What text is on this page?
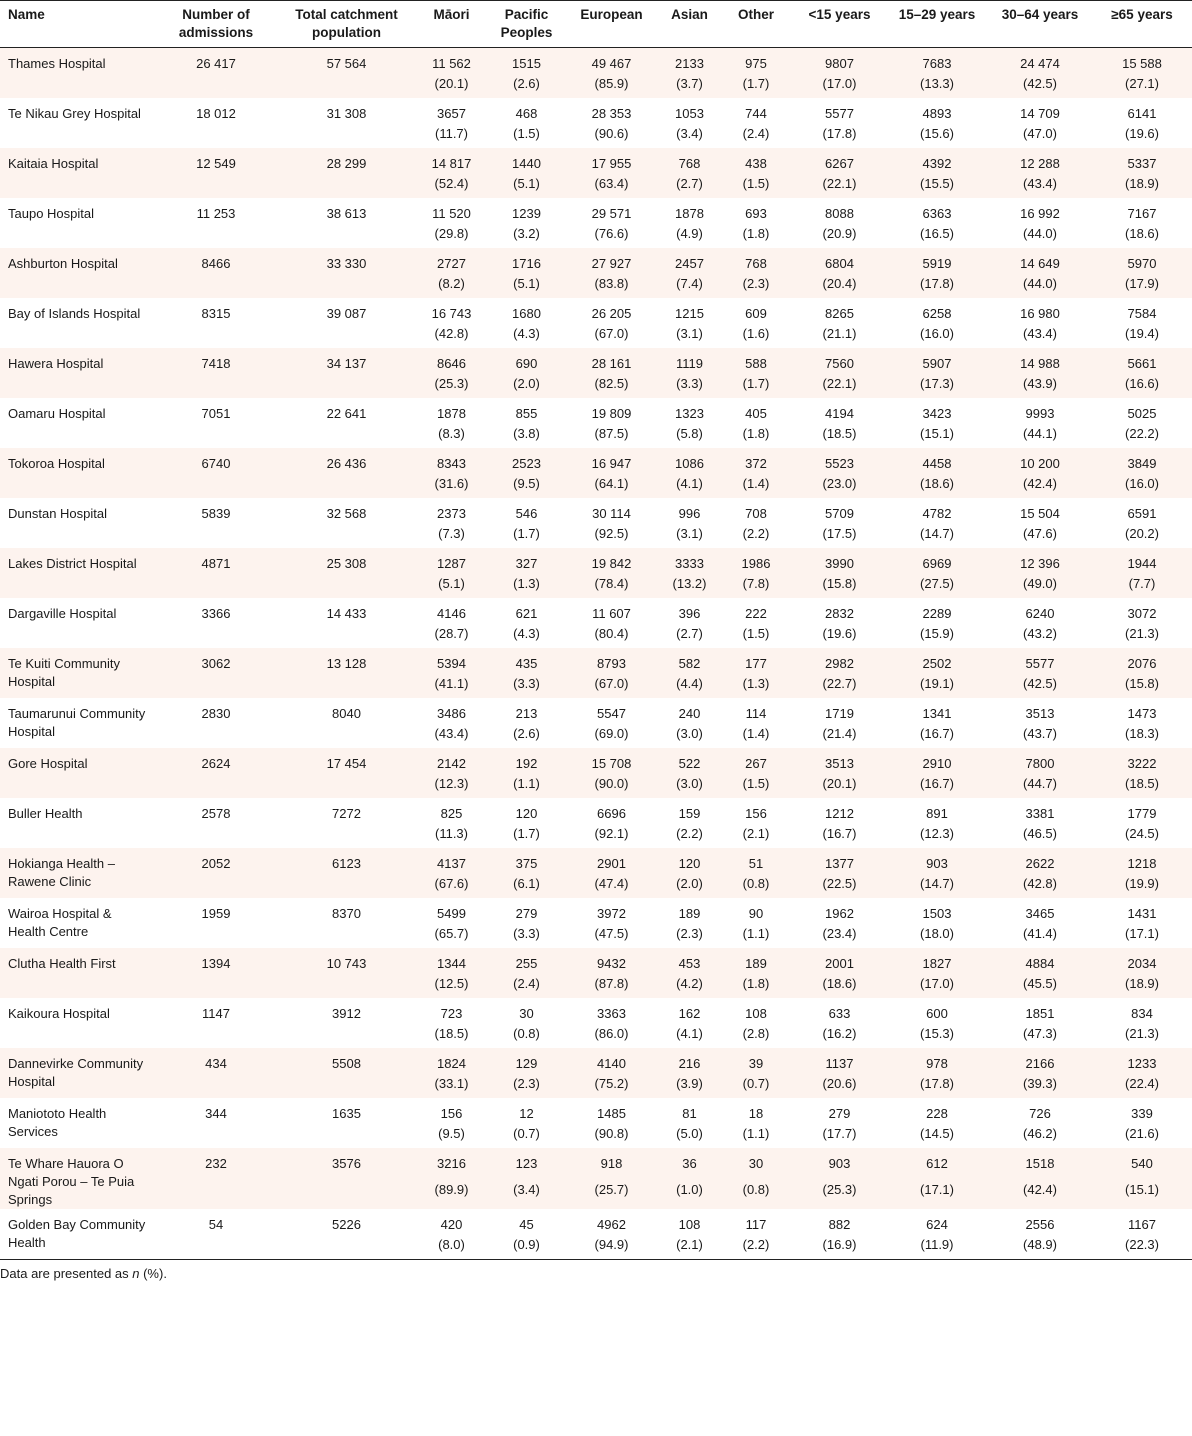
Name	Number of admissions	Total catchment population	Māori	Pacific Peoples	European	Asian	Other	<15 years	15–29 years	30–64 years	≥65 years
Thames Hospital	26 417	57 564	11 562	1515	49 467	2133	975	9807	7683	24 474	15 588
			(20.1)	(2.6)	(85.9)	(3.7)	(1.7)	(17.0)	(13.3)	(42.5)	(27.1)
Te Nikau Grey Hospital	18 012	31 308	3657	468	28 353	1053	744	5577	4893	14 709	6141
			(11.7)	(1.5)	(90.6)	(3.4)	(2.4)	(17.8)	(15.6)	(47.0)	(19.6)
Kaitaia Hospital	12 549	28 299	14 817	1440	17 955	768	438	6267	4392	12 288	5337
			(52.4)	(5.1)	(63.4)	(2.7)	(1.5)	(22.1)	(15.5)	(43.4)	(18.9)
Taupo Hospital	11 253	38 613	11 520	1239	29 571	1878	693	8088	6363	16 992	7167
			(29.8)	(3.2)	(76.6)	(4.9)	(1.8)	(20.9)	(16.5)	(44.0)	(18.6)
Ashburton Hospital	8466	33 330	2727	1716	27 927	2457	768	6804	5919	14 649	5970
			(8.2)	(5.1)	(83.8)	(7.4)	(2.3)	(20.4)	(17.8)	(44.0)	(17.9)
Bay of Islands Hospital	8315	39 087	16 743	1680	26 205	1215	609	8265	6258	16 980	7584
			(42.8)	(4.3)	(67.0)	(3.1)	(1.6)	(21.1)	(16.0)	(43.4)	(19.4)
Hawera Hospital	7418	34 137	8646	690	28 161	1119	588	7560	5907	14 988	5661
			(25.3)	(2.0)	(82.5)	(3.3)	(1.7)	(22.1)	(17.3)	(43.9)	(16.6)
Oamaru Hospital	7051	22 641	1878	855	19 809	1323	405	4194	3423	9993	5025
			(8.3)	(3.8)	(87.5)	(5.8)	(1.8)	(18.5)	(15.1)	(44.1)	(22.2)
Tokoroa Hospital	6740	26 436	8343	2523	16 947	1086	372	5523	4458	10 200	3849
			(31.6)	(9.5)	(64.1)	(4.1)	(1.4)	(23.0)	(18.6)	(42.4)	(16.0)
Dunstan Hospital	5839	32 568	2373	546	30 114	996	708	5709	4782	15 504	6591
			(7.3)	(1.7)	(92.5)	(3.1)	(2.2)	(17.5)	(14.7)	(47.6)	(20.2)
Lakes District Hospital	4871	25 308	1287	327	19 842	3333	1986	3990	6969	12 396	1944
			(5.1)	(1.3)	(78.4)	(13.2)	(7.8)	(15.8)	(27.5)	(49.0)	(7.7)
Dargaville Hospital	3366	14 433	4146	621	11 607	396	222	2832	2289	6240	3072
			(28.7)	(4.3)	(80.4)	(2.7)	(1.5)	(19.6)	(15.9)	(43.2)	(21.3)
Te Kuiti Community Hospital	3062	13 128	5394	435	8793	582	177	2982	2502	5577	2076
			(41.1)	(3.3)	(67.0)	(4.4)	(1.3)	(22.7)	(19.1)	(42.5)	(15.8)
Taumarunui Community Hospital	2830	8040	3486	213	5547	240	114	1719	1341	3513	1473
			(43.4)	(2.6)	(69.0)	(3.0)	(1.4)	(21.4)	(16.7)	(43.7)	(18.3)
Gore Hospital	2624	17 454	2142	192	15 708	522	267	3513	2910	7800	3222
			(12.3)	(1.1)	(90.0)	(3.0)	(1.5)	(20.1)	(16.7)	(44.7)	(18.5)
Buller Health	2578	7272	825	120	6696	159	156	1212	891	3381	1779
			(11.3)	(1.7)	(92.1)	(2.2)	(2.1)	(16.7)	(12.3)	(46.5)	(24.5)
Hokianga Health – Rawene Clinic	2052	6123	4137	375	2901	120	51	1377	903	2622	1218
			(67.6)	(6.1)	(47.4)	(2.0)	(0.8)	(22.5)	(14.7)	(42.8)	(19.9)
Wairoa Hospital & Health Centre	1959	8370	5499	279	3972	189	90	1962	1503	3465	1431
			(65.7)	(3.3)	(47.5)	(2.3)	(1.1)	(23.4)	(18.0)	(41.4)	(17.1)
Clutha Health First	1394	10 743	1344	255	9432	453	189	2001	1827	4884	2034
			(12.5)	(2.4)	(87.8)	(4.2)	(1.8)	(18.6)	(17.0)	(45.5)	(18.9)
Kaikoura Hospital	1147	3912	723	30	3363	162	108	633	600	1851	834
			(18.5)	(0.8)	(86.0)	(4.1)	(2.8)	(16.2)	(15.3)	(47.3)	(21.3)
Dannevirke Community Hospital	434	5508	1824	129	4140	216	39	1137	978	2166	1233
			(33.1)	(2.3)	(75.2)	(3.9)	(0.7)	(20.6)	(17.8)	(39.3)	(22.4)
Maniototo Health Services	344	1635	156	12	1485	81	18	279	228	726	339
			(9.5)	(0.7)	(90.8)	(5.0)	(1.1)	(17.7)	(14.5)	(46.2)	(21.6)
Te Whare Hauora O Ngati Porou – Te Puia Springs	232	3576	3216	123	918	36	30	903	612	1518	540
			(89.9)	(3.4)	(25.7)	(1.0)	(0.8)	(25.3)	(17.1)	(42.4)	(15.1)
Golden Bay Community Health	54	5226	420	45	4962	108	117	882	624	2556	1167
			(8.0)	(0.9)	(94.9)	(2.1)	(2.2)	(16.9)	(11.9)	(48.9)	(22.3)

Data are presented as n (%).
